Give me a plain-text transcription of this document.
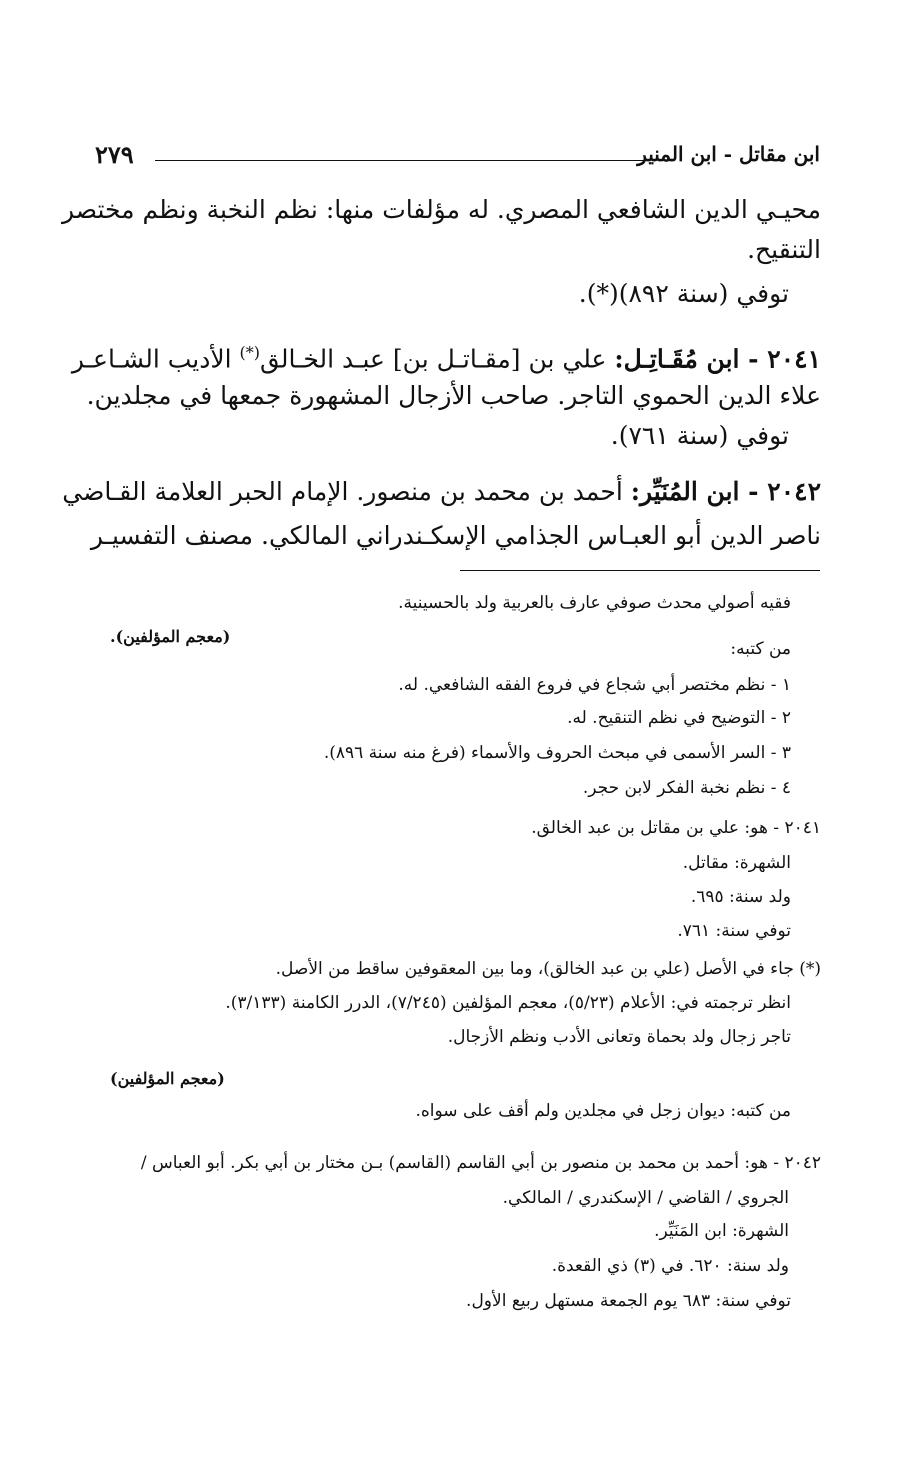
ابن مقاتل - ابن المنير
٢٧٩
محيـي الدين الشافعي المصري. له مؤلفات منها: نظم النخبة ونظم مختصر
التنقيح.
توفي (سنة ٨٩٢)(*).
٢٠٤١ - ابن مُقَـاتِـل: علي بن [مقـاتـل بن] عبـد الخـالق(*) الأديب الشـاعـر
علاء الدين الحموي التاجر. صاحب الأزجال المشهورة جمعها في مجلدين.
توفي (سنة ٧٦١).
٢٠٤٢ - ابن المُنَيِّر: أحمد بن محمد بن منصور. الإمام الحبر العلامة القـاضي
ناصر الدين أبو العبـاس الجذامي الإسكـندراني المالكي. مصنف التفسيـر
فقيه أصولي محدث صوفي عارف بالعربية ولد بالحسينية.
(معجم المؤلفين).
من كتبه:
١ - نظم مختصر أبي شجاع في فروع الفقه الشافعي. له.
٢ - التوضيح في نظم التنقيح. له.
٣ - السر الأسمى في مبحث الحروف والأسماء (فرغ منه سنة ٨٩٦).
٤ - نظم نخبة الفكر لابن حجر.
٢٠٤١ - هو: علي بن مقاتل بن عبد الخالق.
الشهرة: مقاتل.
ولد سنة: ٦٩٥.
توفي سنة: ٧٦١.
(*) جاء في الأصل (علي بن عبد الخالق)، وما بين المعقوفين ساقط من الأصل.
انظر ترجمته في: الأعلام (٥/٢٣)، معجم المؤلفين (٧/٢٤٥)، الدرر الكامنة (٣/١٣٣).
تاجر زجال ولد بحماة وتعانى الأدب ونظم الأزجال.
(معجم المؤلفين)
من كتبه: ديوان زجل في مجلدين ولم أقف على سواه.
٢٠٤٢ - هو: أحمد بن محمد بن منصور بن أبي القاسم (القاسم) بـن مختار بن أبي بكر. أبو العباس /
الجروي / القاضي / الإسكندري / المالكي.
الشهرة: ابن المَنَيِّر.
ولد سنة: ٦٢٠. في (٣) ذي القعدة.
توفي سنة: ٦٨٣ يوم الجمعة مستهل ربيع الأول.
